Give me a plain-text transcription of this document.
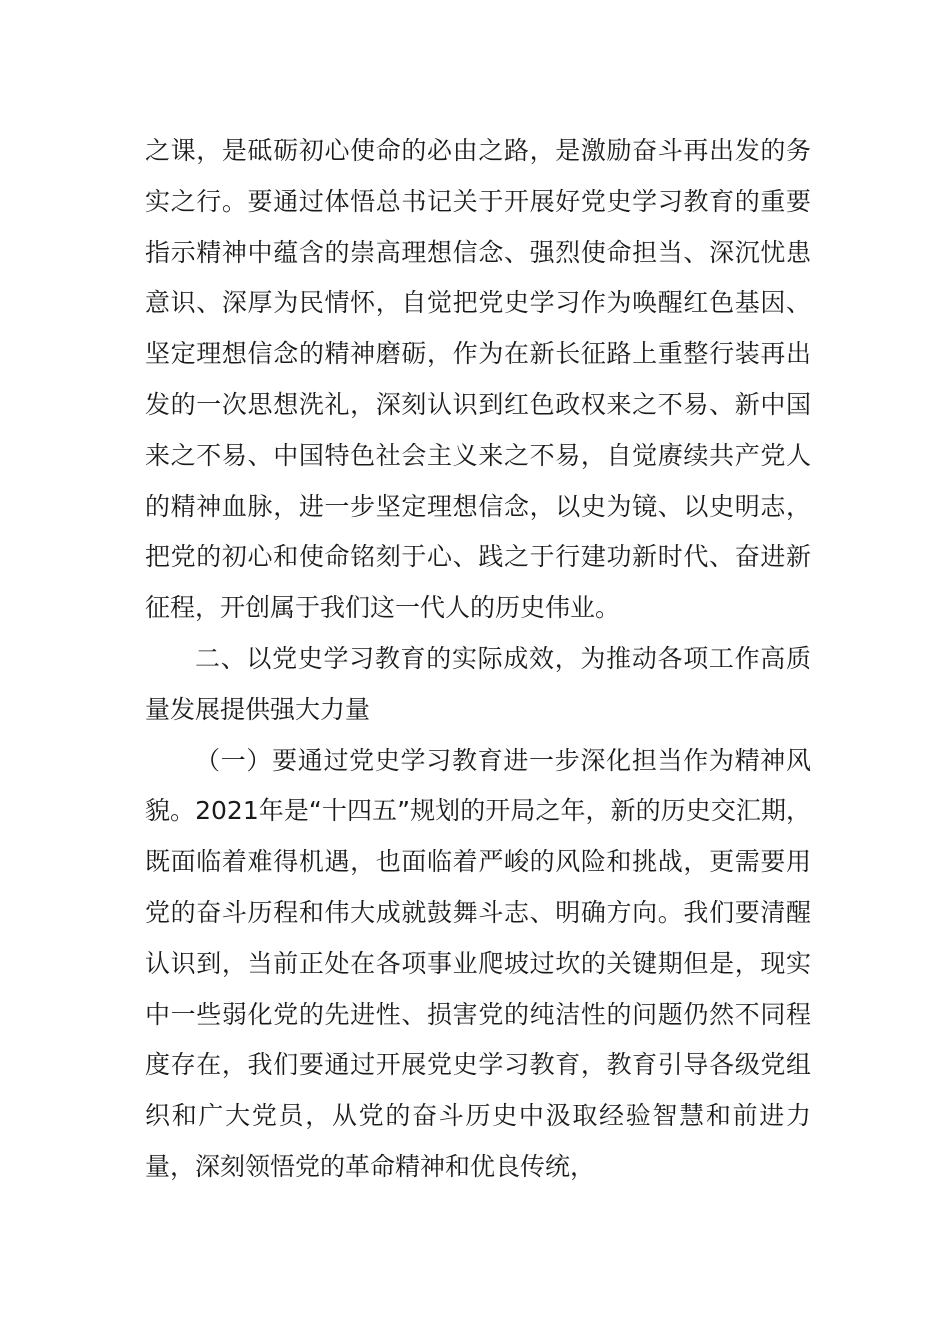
之课，是砥砺初心使命的必由之路，是激励奋斗再出发的务实之行。要通过体悟总书记关于开展好党史学习教育的重要指示精神中蕴含的崇高理想信念、强烈使命担当、深沉忧患意识、深厚为民情怀，自觉把党史学习作为唤醒红色基因、坚定理想信念的精神磨砺，作为在新长征路上重整行装再出发的一次思想洗礼，深刻认识到红色政权来之不易、新中国来之不易、中国特色社会主义来之不易，自觉赓续共产党人的精神血脉，进一步坚定理想信念，以史为镜、以史明志，把党的初心和使命铭刻于心、践之于行建功新时代、奋进新征程，开创属于我们这一代人的历史伟业。

二、以党史学习教育的实际成效，为推动各项工作高质量发展提供强大力量

（一）要通过党史学习教育进一步深化担当作为精神风貌。2021年是“十四五”规划的开局之年，新的历史交汇期，既面临着难得机遇，也面临着严峻的风险和挑战，更需要用党的奋斗历程和伟大成就鼓舞斗志、明确方向。我们要清醒认识到，当前正处在各项事业爬坡过坎的关键期但是，现实中一些弱化党的先进性、损害党的纯洁性的问题仍然不同程度存在，我们要通过开展党史学习教育，教育引导各级党组织和广大党员，从党的奋斗历史中汲取经验智慧和前进力量，深刻领悟党的革命精神和优良传统，
